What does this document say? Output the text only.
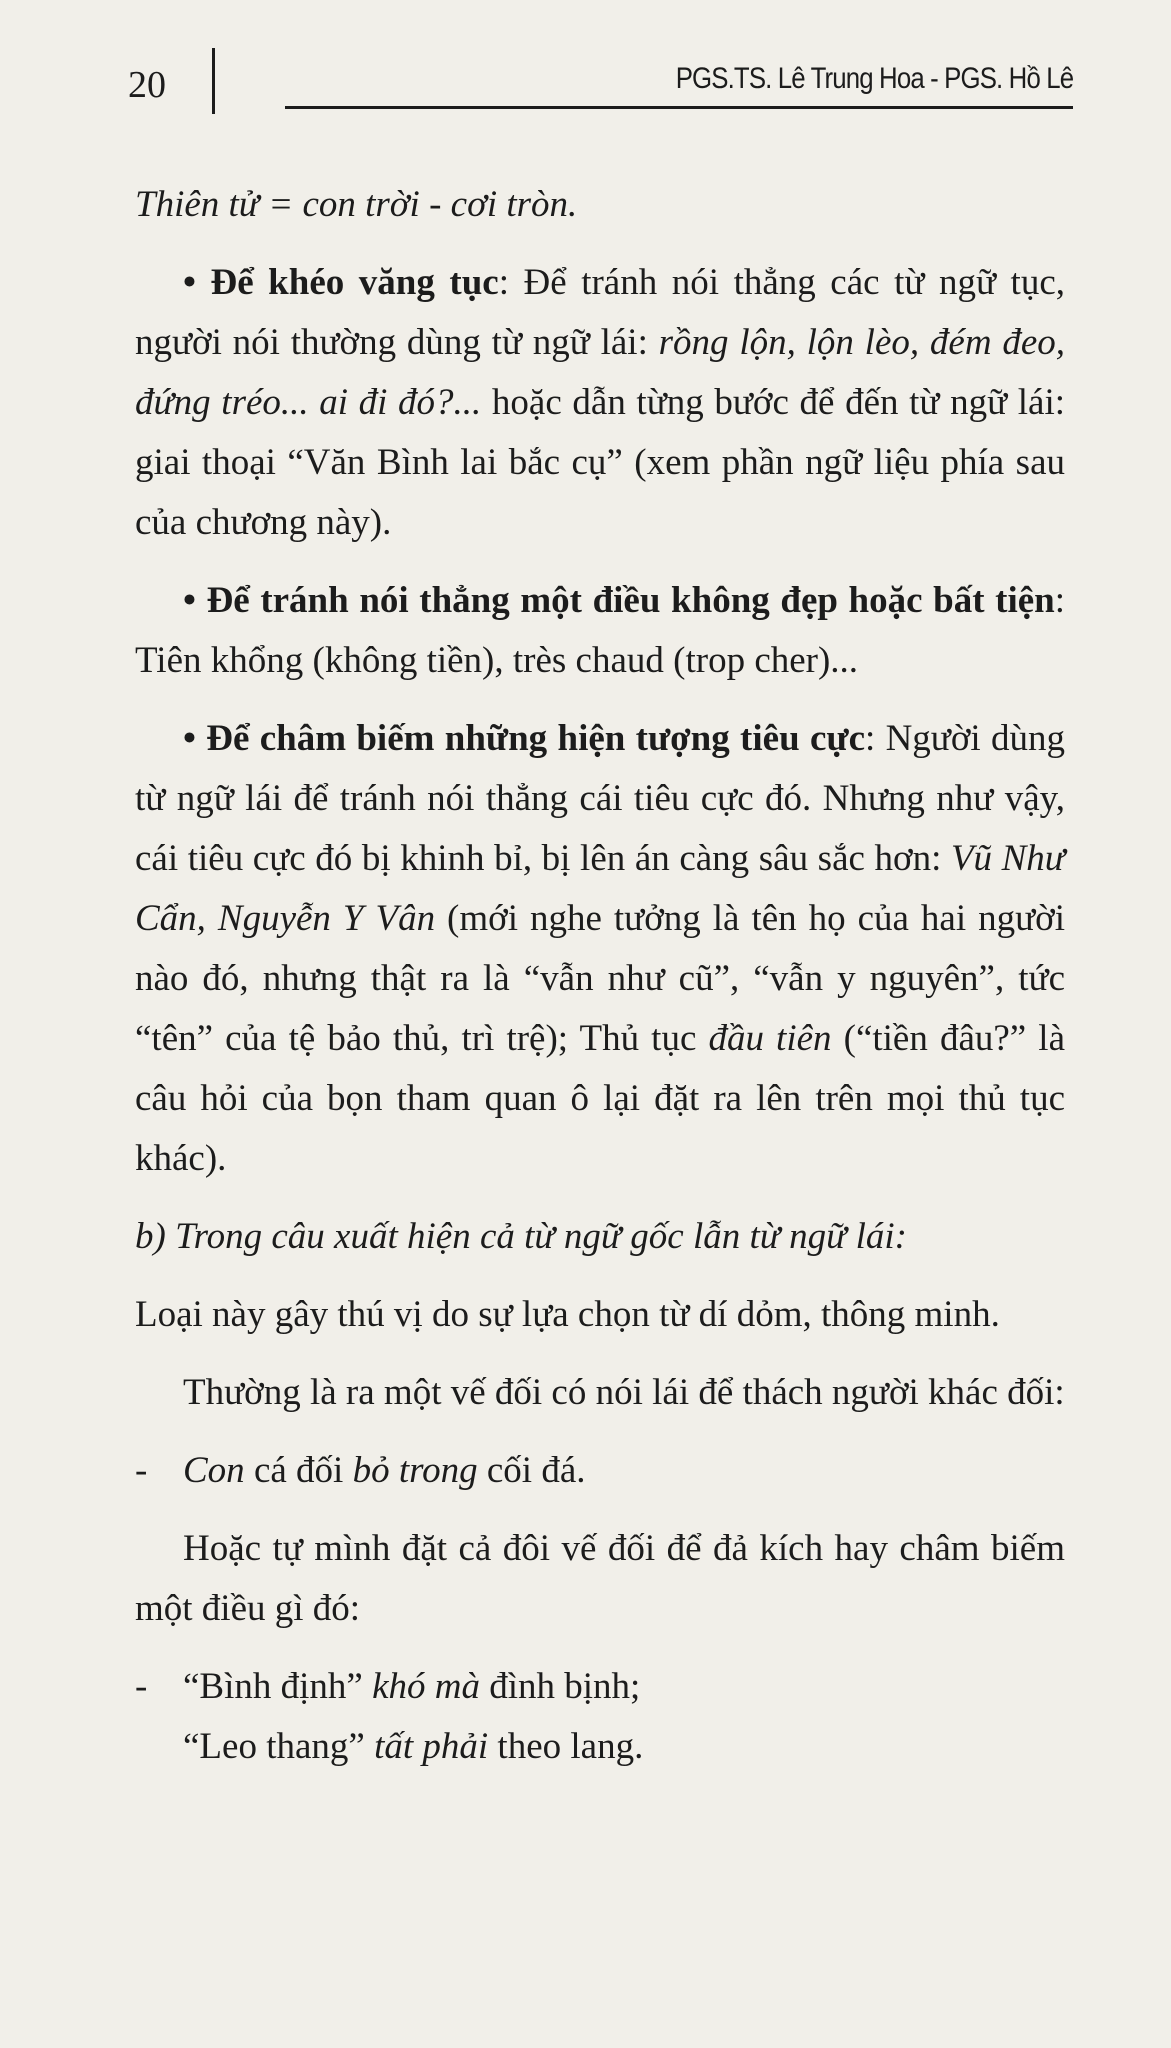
20	PGS.TS. Lê Trung Hoa - PGS. Hồ Lê

Thiên tử = con trời - cơi tròn.

• Để khéo văng tục: Để tránh nói thẳng các từ ngữ tục, người nói thường dùng từ ngữ lái: rồng lộn, lộn lèo, đém đeo, đứng tréo... ai đi đó?... hoặc dẫn từng bước để đến từ ngữ lái: giai thoại “Văn Bình lai bắc cụ” (xem phần ngữ liệu phía sau của chương này).

• Để tránh nói thẳng một điều không đẹp hoặc bất tiện: Tiên khổng (không tiền), très chaud (trop cher)...

• Để châm biếm những hiện tượng tiêu cực: Người dùng từ ngữ lái để tránh nói thẳng cái tiêu cực đó. Nhưng như vậy, cái tiêu cực đó bị khinh bỉ, bị lên án càng sâu sắc hơn: Vũ Như Cẩn, Nguyễn Y Vân (mới nghe tưởng là tên họ của hai người nào đó, nhưng thật ra là “vẫn như cũ”, “vẫn y nguyên”, tức “tên” của tệ bảo thủ, trì trệ); Thủ tục đầu tiên (“tiền đâu?” là câu hỏi của bọn tham quan ô lại đặt ra lên trên mọi thủ tục khác).

b) Trong câu xuất hiện cả từ ngữ gốc lẫn từ ngữ lái:

Loại này gây thú vị do sự lựa chọn từ dí dỏm, thông minh.

Thường là ra một vế đối có nói lái để thách người khác đối:

- Con cá đối bỏ trong cối đá.

Hoặc tự mình đặt cả đôi vế đối để đả kích hay châm biếm một điều gì đó:

- “Bình định” khó mà đình bịnh;

“Leo thang” tất phải theo lang.
